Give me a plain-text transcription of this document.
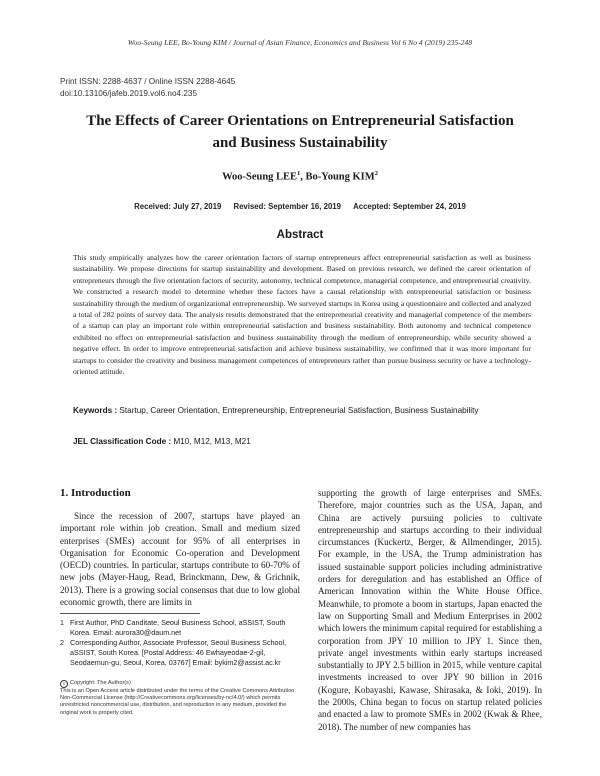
Woo-Seung LEE, Bo-Young KIM / Journal of Asian Finance, Economics and Business Vol 6 No 4 (2019) 235-248
Print ISSN: 2288-4637 / Online ISSN 2288-4645
doi:10.13106/jafeb.2019.vol6.no4.235
The Effects of Career Orientations on Entrepreneurial Satisfaction
and Business Sustainability
Woo-Seung LEE$^1$, Bo-Young KIM$^2$
Received: July 27, 2019 Revised: September 16, 2019 Accepted: September 24, 2019
Abstract
This study empirically analyzes how the career orientation factors of startup entrepreneurs affect entrepreneurial satisfaction as well as business sustainability. We propose directions for startup sustainability and development. Based on previous research, we defined the career orientation of entrepreneurs through the five orientation factors of security, autonomy, technical competence, managerial competence, and entrepreneurial creativity. We constructed a research model to determine whether these factors have a causal relationship with entrepreneurial satisfaction or business sustainability through the medium of organizational entrepreneurship. We surveyed startups in Korea using a questionnaire and collected and analyzed a total of 282 points of survey data. The analysis results demonstrated that the entrepreneurial creativity and managerial competence of the members of a startup can play an important role within entrepreneurial satisfaction and business sustainability. Both autonomy and technical competence exhibited no effect on entrepreneurial satisfaction and business sustainability through the medium of entrepreneurship, while security showed a negative effect. In order to improve entrepreneurial satisfaction and achieve business sustainability, we confirmed that it was more important for startups to consider the creativity and business management competences of entrepreneurs rather than pursue business security or have a technology-oriented attitude.
Keywords : Startup, Career Orientation, Entrepreneurship, Entrepreneurial Satisfaction, Business Sustainability
JEL Classification Code : M10, M12, M13, M21
1. Introduction

Since the recession of 2007, startups have played an important role within job creation. Small and medium sized enterprises (SMEs) account for 95% of all enterprises in Organisation for Economic Co-operation and Development (OECD) countries. In particular, startups contribute to 60-70% of new jobs (Mayer-Haug, Read, Brinckmann, Dew, & Grichnik, 2013). There is a growing social consensus that due to low global economic growth, there are limits in

supporting the growth of large enterprises and SMEs. Therefore, major countries such as the USA, Japan, and China are actively pursuing policies to cultivate entrepreneurship and startups according to their individual circumstances (Kuckertz, Berger, & Allmendinger, 2015). For example, in the USA, the Trump administration has issued sustainable support policies including administrative orders for deregulation and has established an Office of American Innovation within the White House Office. Meanwhile, to promote a boom in startups, Japan enacted the law on Supporting Small and Medium Enterprises in 2002 which lowers the minimum capital required for establishing a corporation from JPY 10 million to JPY 1. Since then, private angel investments within early startups increased substantially to JPY 2.5 billion in 2015, while venture capital investments increased to over JPY 90 billion in 2016 (Kogure, Kobayashi, Kawase, Shirasaka, & Ioki, 2019). In the 2000s, China began to focus on startup related policies and enacted a law to promote SMEs in 2002 (Kwak & Rhee, 2018). The number of new companies has

1 First Author, PhD Canditate, Seoul Business School, aSSIST, South Korea. Email: aurora30@daum.net
2 Corresponding Author, Associate Professor, Seoul Business School, aSSIST, South Korea. [Postal Address: 46 Ewhayeodae-2-gil, Seodaemun-gu, Seoul, Korea, 03767] Email: bykim2@assist.ac.kr
c Copyright: The Author(s)
This is an Open Access article distributed under the terms of the Creative Commons Attribution Non-Commercial License (http://Creativecommons.org/licenses/by-nc/4.0/) which permits unrestricted noncommercial use, distribution, and reproduction in any medium, provided the original work is properly cited.
